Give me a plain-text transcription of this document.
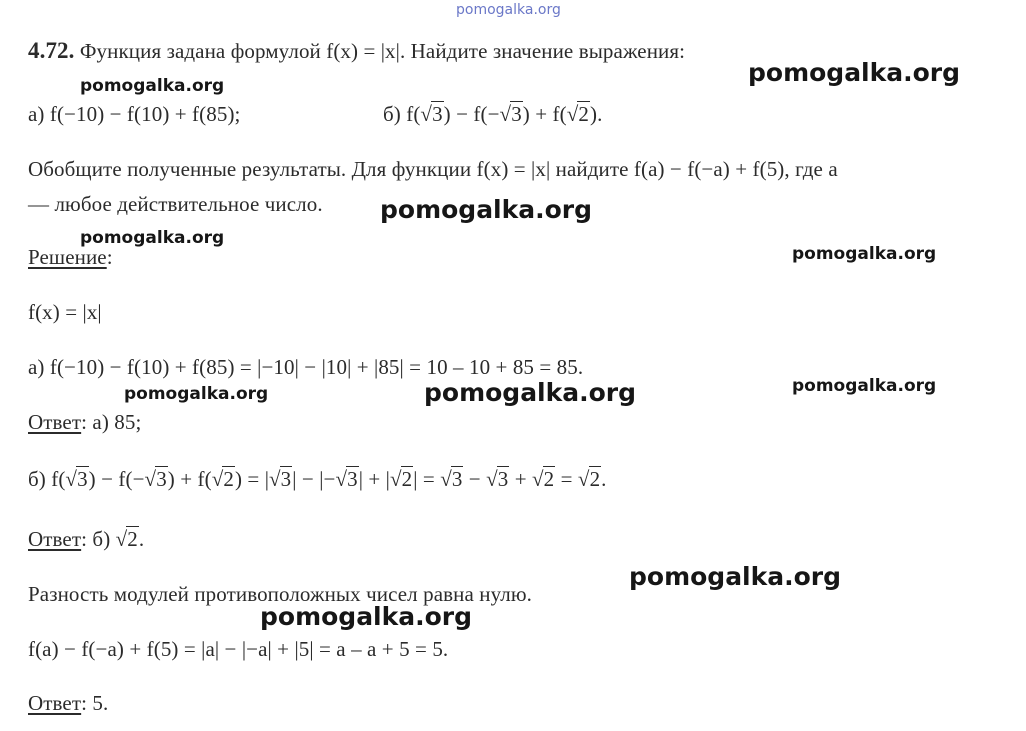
pomogalka.org
4.72. Функция задана формулой f(x) = |x|. Найдите значение выражения:
а) f(−10) − f(10) + f(85);	б) f(√3) − f(−√3) + f(√2).
Обобщите полученные результаты. Для функции f(x) = |x| найдите f(a) − f(−a) + f(5), где a
— любое действительное число.
Решение:
f(x) = |x|
а) f(−10) − f(10) + f(85) = |−10| − |10| + |85| = 10 – 10 + 85 = 85.
Ответ: а) 85;
б) f(√3) − f(−√3) + f(√2) = |√3| − |−√3| + |√2| = √3 − √3 + √2 = √2.
Ответ: б) √2.
Разность модулей противоположных чисел равна нулю.
f(a) − f(−a) + f(5) = |a| − |−a| + |5| = a – a + 5 = 5.
Ответ: 5.
pomogalka.org	pomogalka.org
pomogalka.org
pomogalka.org
pomogalka.org
pomogalka.org	pomogalka.org	pomogalka.org
pomogalka.org
pomogalka.org
